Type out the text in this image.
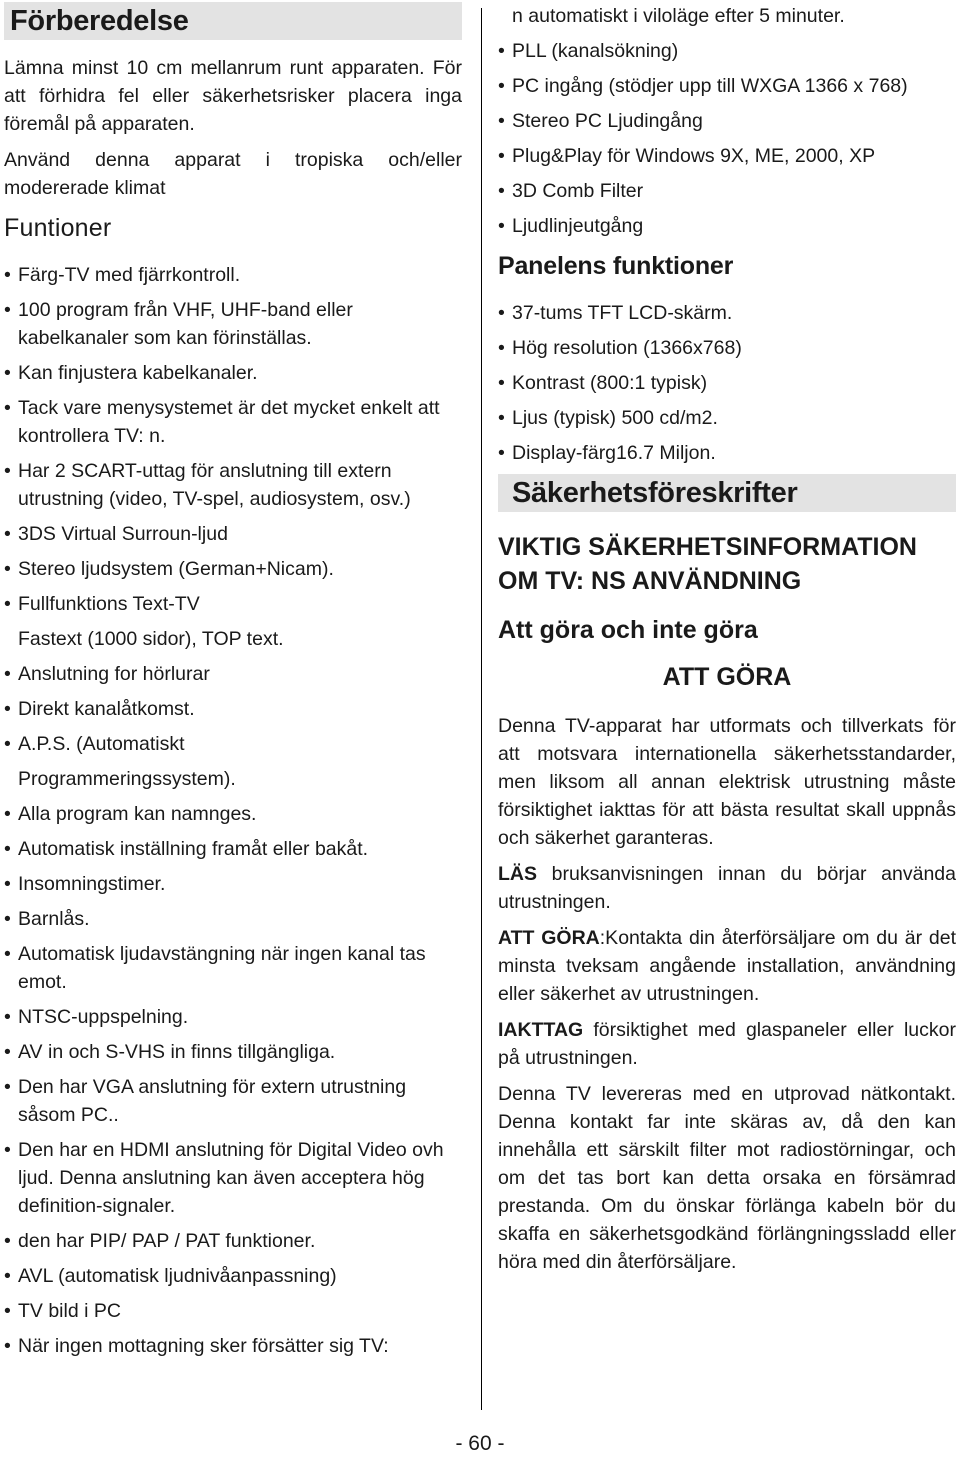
Förberedelse

Lämna minst 10 cm mellanrum runt apparaten. För att förhidra fel eller säkerhetsrisker placera inga föremål på apparaten.

Använd denna apparat i tropiska och/eller modererade klimat

Funtioner
• Färg-TV med fjärrkontroll.
• 100 program från VHF, UHF-band eller kabelkanaler som kan förinställas.
• Kan finjustera kabelkanaler.
• Tack vare menysystemet är det mycket enkelt att kontrollera TV: n.
• Har 2 SCART-uttag för anslutning till extern utrustning (video, TV-spel, audiosystem, osv.)
• 3DS Virtual Surroun-ljud
• Stereo ljudsystem (German+Nicam).
• Fullfunktions Text-TV
Fastext (1000 sidor), TOP text.
• Anslutning for hörlurar
• Direkt kanalåtkomst.
• A.P.S. (Automatiskt
Programmeringssystem).
• Alla program kan namnges.
• Automatisk inställning framåt eller bakåt.
• Insomningstimer.
• Barnlås.
• Automatisk ljudavstängning när ingen kanal tas emot.
• NTSC-uppspelning.
• AV in och S-VHS in finns tillgängliga.
• Den har VGA anslutning för extern utrustning såsom PC..
• Den har en HDMI anslutning för Digital Video ovh ljud. Denna anslutning kan även acceptera hög definition-signaler.
• den har PIP/ PAP / PAT funktioner.
• AVL (automatisk ljudnivåanpassning)
• TV bild i PC
• När ingen mottagning sker försätter sig TV:

n automatiskt i viloläge efter 5 minuter.

• PLL (kanalsökning)
• PC ingång (stödjer upp till WXGA 1366 x 768)
• Stereo PC Ljudingång
• Plug&Play för Windows 9X, ME, 2000, XP
• 3D Comb Filter
• Ljudlinjeutgång
Panelens funktioner
• 37-tums TFT LCD-skärm.
• Hög resolution (1366x768)
• Kontrast (800:1 typisk)
• Ljus (typisk) 500 cd/m2.
• Display-färg16.7 Miljon.
Säkerhetsföreskrifter
VIKTIG SÄKERHETSINFORMATION OM TV: NS ANVÄNDNING
Att göra och inte göra
ATT GÖRA

Denna TV-apparat har utformats och tillverkats för att motsvara internationella säkerhetsstandarder, men liksom all annan elektrisk utrustning måste försiktighet iakttas för att bästa resultat skall uppnås och säkerhet garanteras.

LÄS bruksanvisningen innan du börjar använda utrustningen.

ATT GÖRA:Kontakta din återförsäljare om du är det minsta tveksam angående installation, användning eller säkerhet av utrustningen.

IAKTTAG försiktighet med glaspaneler eller luckor på utrustningen.

Denna TV levereras med en utprovad nätkontakt. Denna kontakt far inte skäras av, då den kan innehålla ett särskilt filter mot radiostörningar, och om det tas bort kan detta orsaka en försämrad prestanda. Om du önskar förlänga kabeln bör du skaffa en säkerhetsgodkänd förlängningssladd eller höra med din återförsäljare.

- 60 -
